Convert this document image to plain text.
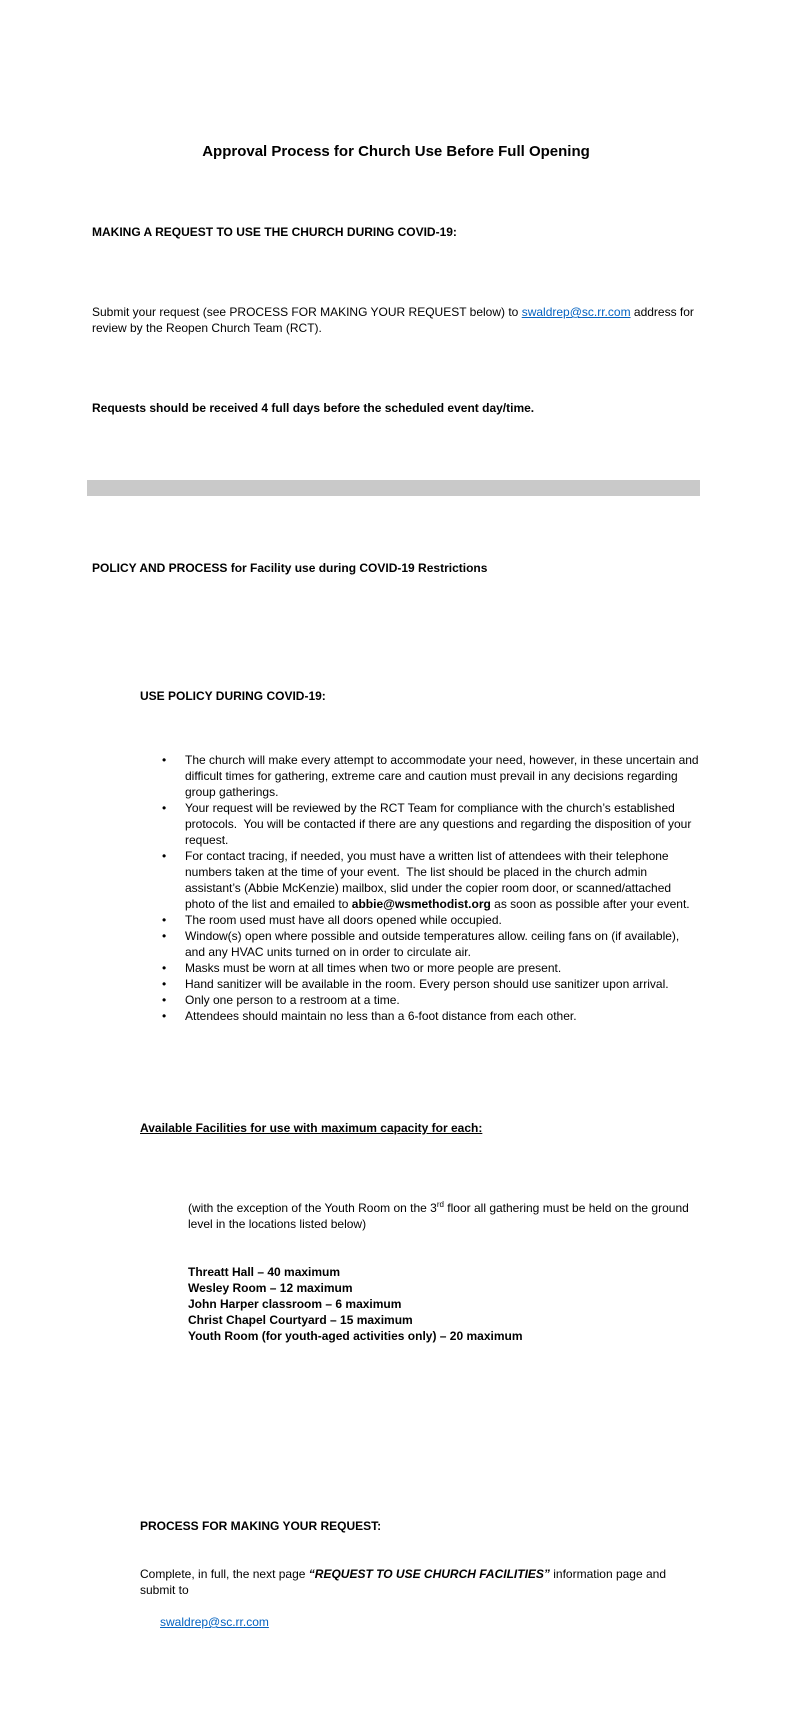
Approval Process for Church Use Before Full Opening

MAKING A REQUEST TO USE THE CHURCH DURING COVID-19:

Submit your request (see PROCESS FOR MAKING YOUR REQUEST below) to swaldrep@sc.rr.com address for review by the Reopen Church Team (RCT).

Requests should be received 4 full days before the scheduled event day/time.

POLICY AND PROCESS for Facility use during COVID-19 Restrictions

USE POLICY DURING COVID-19:

• The church will make every attempt to accommodate your need, however, in these uncertain and difficult times for gathering, extreme care and caution must prevail in any decisions regarding group gatherings.
• Your request will be reviewed by the RCT Team for compliance with the church’s established protocols.  You will be contacted if there are any questions and regarding the disposition of your request.
• For contact tracing, if needed, you must have a written list of attendees with their telephone numbers taken at the time of your event.  The list should be placed in the church admin assistant’s (Abbie McKenzie) mailbox, slid under the copier room door, or scanned/attached photo of the list and emailed to abbie@wsmethodist.org as soon as possible after your event.
• The room used must have all doors opened while occupied.
• Window(s) open where possible and outside temperatures allow. ceiling fans on (if available), and any HVAC units turned on in order to circulate air.
• Masks must be worn at all times when two or more people are present.
• Hand sanitizer will be available in the room. Every person should use sanitizer upon arrival.
• Only one person to a restroom at a time.
• Attendees should maintain no less than a 6-foot distance from each other.

Available Facilities for use with maximum capacity for each:

(with the exception of the Youth Room on the 3rd floor all gathering must be held on the ground level in the locations listed below)

Threatt Hall – 40 maximum
Wesley Room – 12 maximum
John Harper classroom – 6 maximum
Christ Chapel Courtyard – 15 maximum
Youth Room (for youth-aged activities only) – 20 maximum

PROCESS FOR MAKING YOUR REQUEST:

Complete, in full, the next page “REQUEST TO USE CHURCH FACILITIES” information page and submit to

swaldrep@sc.rr.com
